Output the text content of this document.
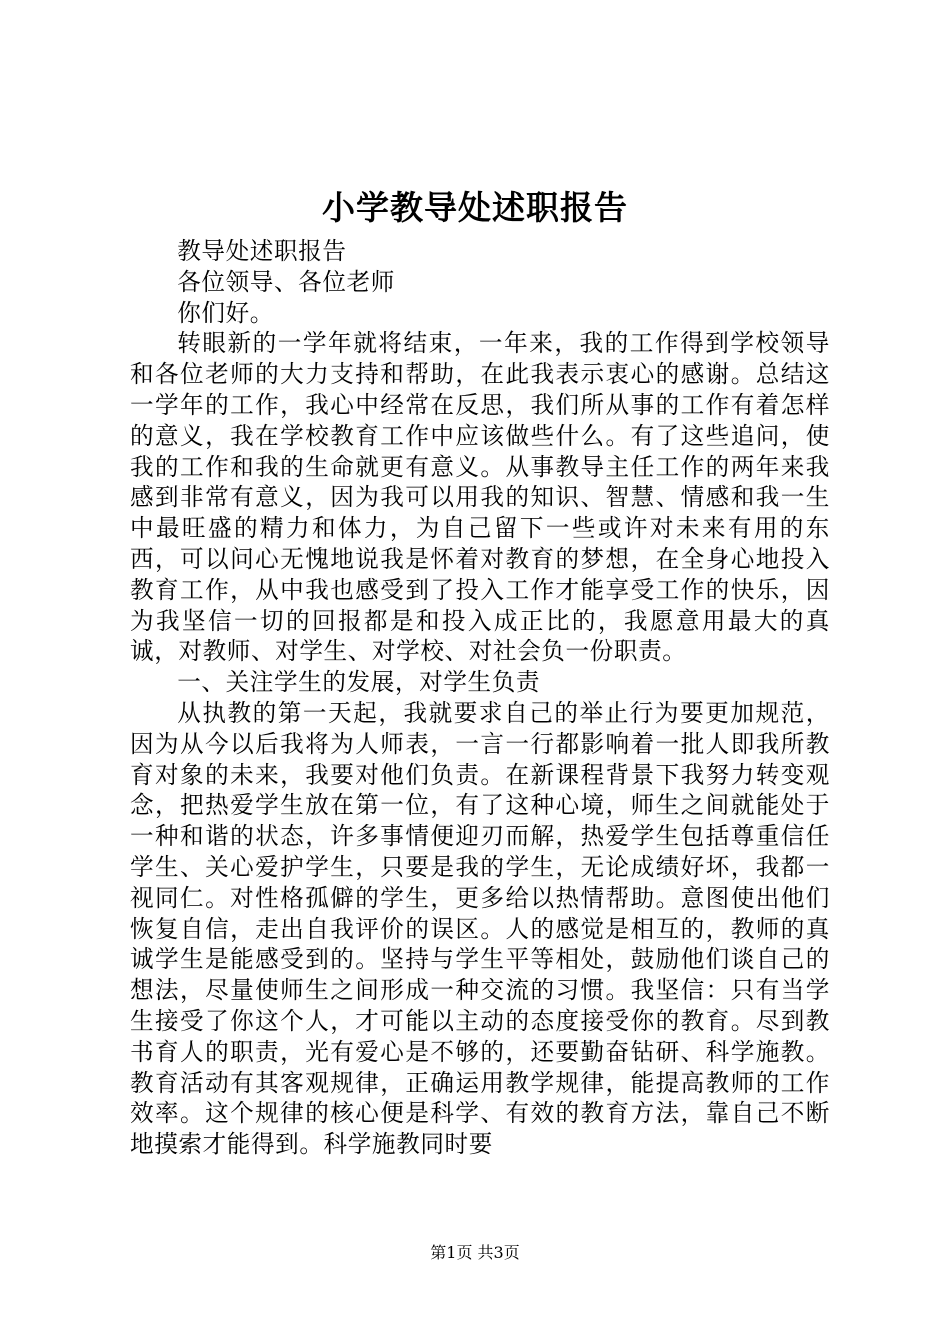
小学教导处述职报告

教导处述职报告

各位领导、各位老师

你们好。

转眼新的一学年就将结束，一年来，我的工作得到学校领导和各位老师的大力支持和帮助，在此我表示衷心的感谢。总结这一学年的工作，我心中经常在反思，我们所从事的工作有着怎样的意义，我在学校教育工作中应该做些什么。有了这些追问，使我的工作和我的生命就更有意义。从事教导主任工作的两年来我感到非常有意义，因为我可以用我的知识、智慧、情感和我一生中最旺盛的精力和体力，为自己留下一些或许对未来有用的东西，可以问心无愧地说我是怀着对教育的梦想，在全身心地投入教育工作，从中我也感受到了投入工作才能享受工作的快乐，因为我坚信一切的回报都是和投入成正比的，我愿意用最大的真诚，对教师、对学生、对学校、对社会负一份职责。

一、关注学生的发展，对学生负责

从执教的第一天起，我就要求自己的举止行为要更加规范，因为从今以后我将为人师表，一言一行都影响着一批人即我所教育对象的未来，我要对他们负责。在新课程背景下我努力转变观念，把热爱学生放在第一位，有了这种心境，师生之间就能处于一种和谐的状态，许多事情便迎刃而解，热爱学生包括尊重信任学生、关心爱护学生，只要是我的学生，无论成绩好坏，我都一视同仁。对性格孤僻的学生，更多给以热情帮助。意图使出他们恢复自信，走出自我评价的误区。人的感觉是相互的，教师的真诚学生是能感受到的。坚持与学生平等相处，鼓励他们谈自己的想法，尽量使师生之间形成一种交流的习惯。我坚信：只有当学生接受了你这个人，才可能以主动的态度接受你的教育。尽到教书育人的职责，光有爱心是不够的，还要勤奋钻研、科学施教。教育活动有其客观规律，正确运用教学规律，能提高教师的工作效率。这个规律的核心便是科学、有效的教育方法，靠自己不断地摸索才能得到。科学施教同时要

第1页 共3页
